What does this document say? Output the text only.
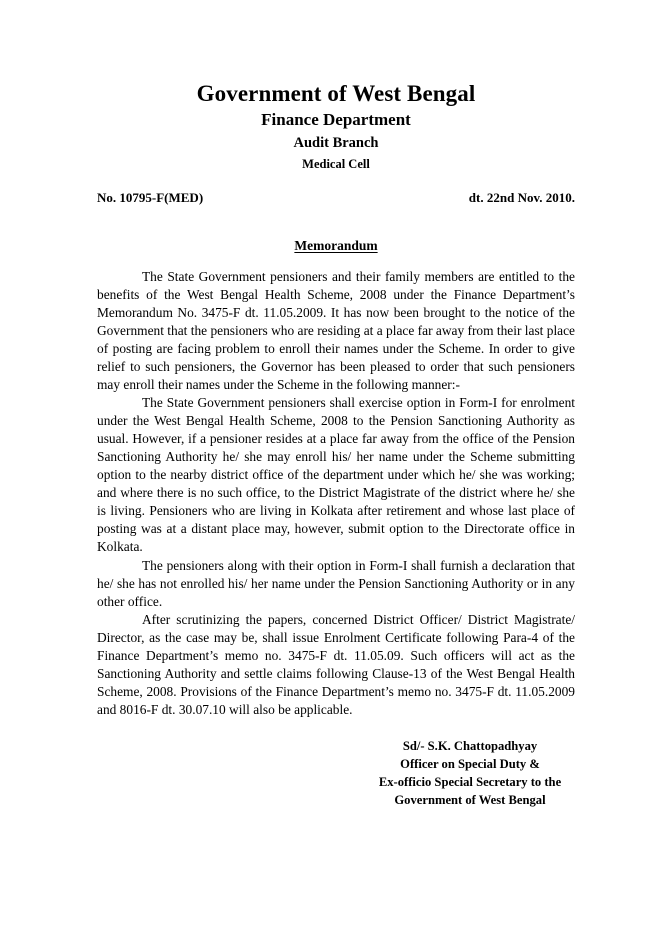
Government of West Bengal
Finance Department
Audit Branch
Medical Cell
No. 10795-F(MED)	dt. 22nd Nov. 2010.
Memorandum

The State Government pensioners and their family members are entitled to the benefits of the West Bengal Health Scheme, 2008 under the Finance Department’s Memorandum No. 3475-F dt. 11.05.2009. It has now been brought to the notice of the Government that the pensioners who are residing at a place far away from their last place of posting are facing problem to enroll their names under the Scheme. In order to give relief to such pensioners, the Governor has been pleased to order that such pensioners may enroll their names under the Scheme in the following manner:-

The State Government pensioners shall exercise option in Form-I for enrolment under the West Bengal Health Scheme, 2008 to the Pension Sanctioning Authority as usual. However, if a pensioner resides at a place far away from the office of the Pension Sanctioning Authority he/ she may enroll his/ her name under the Scheme submitting option to the nearby district office of the department under which he/ she was working; and where there is no such office, to the District Magistrate of the district where he/ she is living. Pensioners who are living in Kolkata after retirement and whose last place of posting was at a distant place may, however, submit option to the Directorate office in Kolkata.

The pensioners along with their option in Form-I shall furnish a declaration that he/ she has not enrolled his/ her name under the Pension Sanctioning Authority or in any other office.

After scrutinizing the papers, concerned District Officer/ District Magistrate/ Director, as the case may be, shall issue Enrolment Certificate following Para-4 of the Finance Department’s memo no. 3475-F dt. 11.05.09. Such officers will act as the Sanctioning Authority and settle claims following Clause-13 of the West Bengal Health Scheme, 2008. Provisions of the Finance Department’s memo no. 3475-F dt. 11.05.2009 and 8016-F dt. 30.07.10 will also be applicable.

Sd/- S.K. Chattopadhyay
Officer on Special Duty &
Ex-officio Special Secretary to the
Government of West Bengal
